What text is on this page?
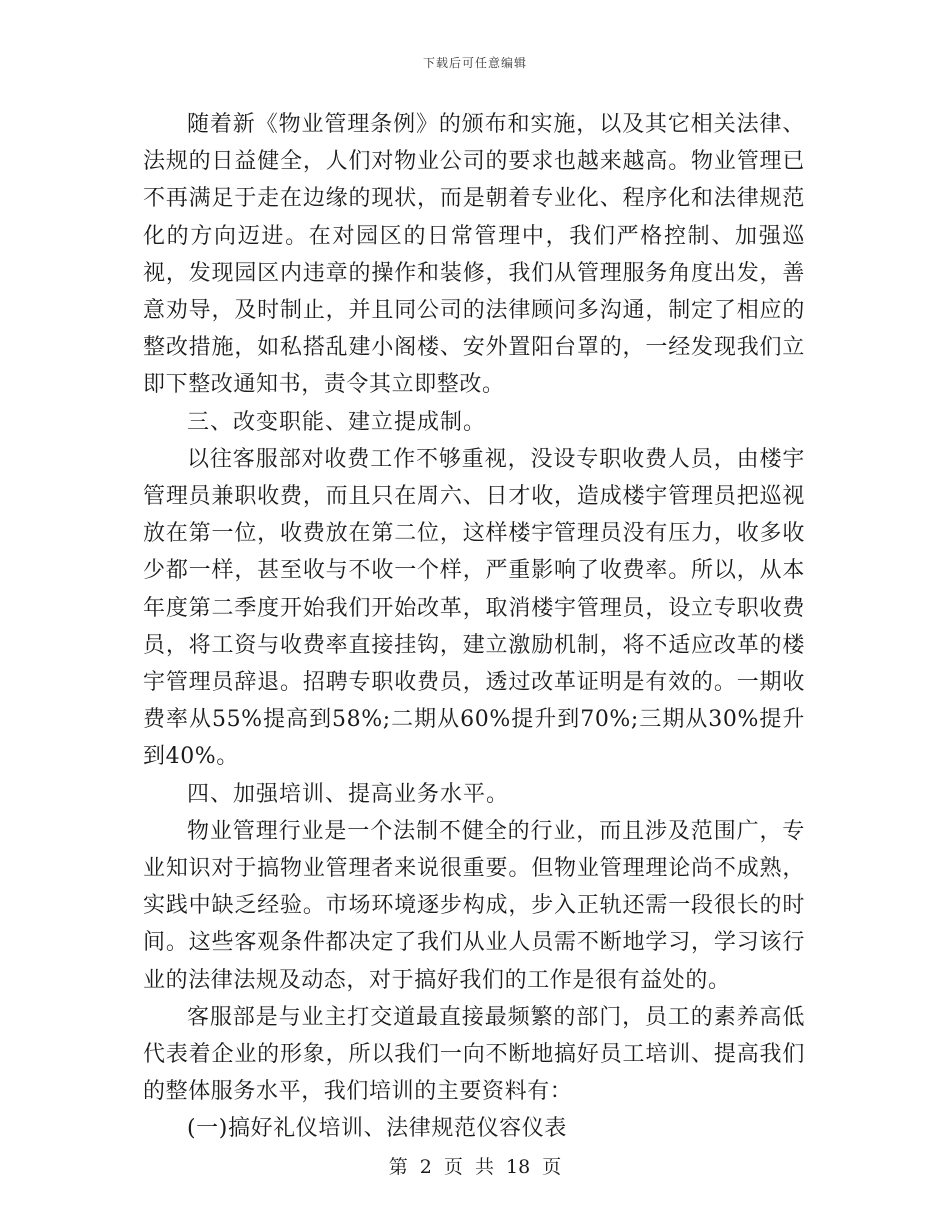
下载后可任意编辑

随着新《物业管理条例》的颁布和实施，以及其它相关法律、法规的日益健全，人们对物业公司的要求也越来越高。物业管理已不再满足于走在边缘的现状，而是朝着专业化、程序化和法律规范化的方向迈进。在对园区的日常管理中，我们严格控制、加强巡视，发现园区内违章的操作和装修，我们从管理服务角度出发，善意劝导，及时制止，并且同公司的法律顾问多沟通，制定了相应的整改措施，如私搭乱建小阁楼、安外置阳台罩的，一经发现我们立即下整改通知书，责令其立即整改。

三、改变职能、建立提成制。

以往客服部对收费工作不够重视，没设专职收费人员，由楼宇管理员兼职收费，而且只在周六、日才收，造成楼宇管理员把巡视放在第一位，收费放在第二位，这样楼宇管理员没有压力，收多收少都一样，甚至收与不收一个样，严重影响了收费率。所以，从本年度第二季度开始我们开始改革，取消楼宇管理员，设立专职收费员，将工资与收费率直接挂钩，建立激励机制，将不适应改革的楼宇管理员辞退。招聘专职收费员，透过改革证明是有效的。一期收费率从55%提高到58%;二期从60%提升到70%;三期从30%提升到40%。

四、加强培训、提高业务水平。

物业管理行业是一个法制不健全的行业，而且涉及范围广，专业知识对于搞物业管理者来说很重要。但物业管理理论尚不成熟，实践中缺乏经验。市场环境逐步构成，步入正轨还需一段很长的时间。这些客观条件都决定了我们从业人员需不断地学习，学习该行业的法律法规及动态，对于搞好我们的工作是很有益处的。

客服部是与业主打交道最直接最频繁的部门，员工的素养高低代表着企业的形象，所以我们一向不断地搞好员工培训、提高我们的整体服务水平，我们培训的主要资料有：

(一)搞好礼仪培训、法律规范仪容仪表

第 2 页 共 18 页
